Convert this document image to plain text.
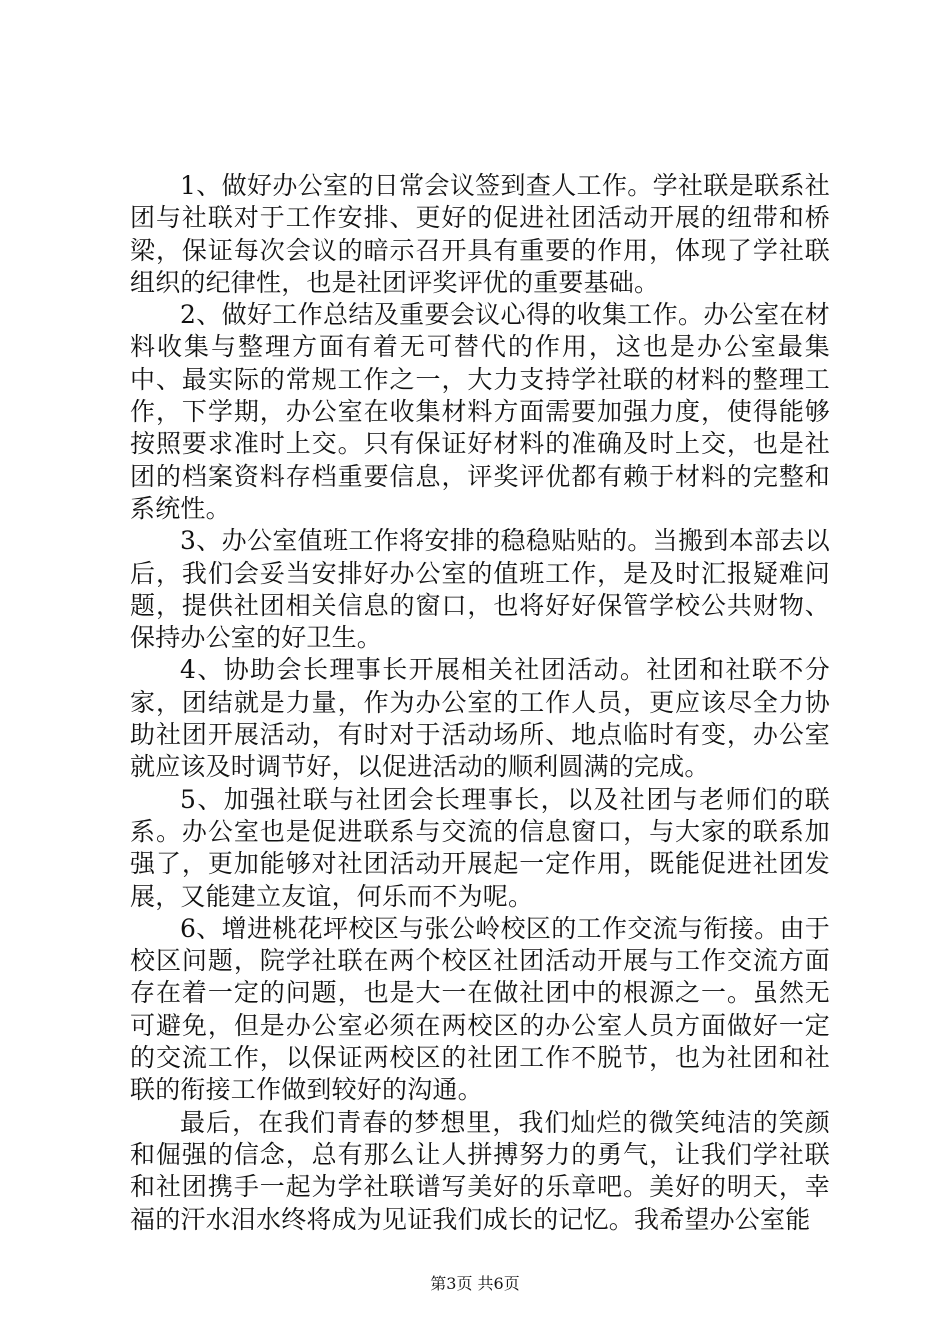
1、做好办公室的日常会议签到查人工作。学社联是联系社团与社联对于工作安排、更好的促进社团活动开展的纽带和桥梁，保证每次会议的暗示召开具有重要的作用，体现了学社联组织的纪律性，也是社团评奖评优的重要基础。

2、做好工作总结及重要会议心得的收集工作。办公室在材料收集与整理方面有着无可替代的作用，这也是办公室最集中、最实际的常规工作之一，大力支持学社联的材料的整理工作，下学期，办公室在收集材料方面需要加强力度，使得能够按照要求准时上交。只有保证好材料的准确及时上交，也是社团的档案资料存档重要信息，评奖评优都有赖于材料的完整和系统性。

3、办公室值班工作将安排的稳稳贴贴的。当搬到本部去以后，我们会妥当安排好办公室的值班工作，是及时汇报疑难问题，提供社团相关信息的窗口，也将好好保管学校公共财物、保持办公室的好卫生。

4、协助会长理事长开展相关社团活动。社团和社联不分家，团结就是力量，作为办公室的工作人员，更应该尽全力协助社团开展活动，有时对于活动场所、地点临时有变，办公室就应该及时调节好，以促进活动的顺利圆满的完成。

5、加强社联与社团会长理事长，以及社团与老师们的联系。办公室也是促进联系与交流的信息窗口，与大家的联系加强了，更加能够对社团活动开展起一定作用，既能促进社团发展，又能建立友谊，何乐而不为呢。

6、增进桃花坪校区与张公岭校区的工作交流与衔接。由于校区问题，院学社联在两个校区社团活动开展与工作交流方面存在着一定的问题，也是大一在做社团中的根源之一。虽然无可避免，但是办公室必须在两校区的办公室人员方面做好一定的交流工作，以保证两校区的社团工作不脱节，也为社团和社联的衔接工作做到较好的沟通。

最后，在我们青春的梦想里，我们灿烂的微笑纯洁的笑颜和倔强的信念，总有那么让人拼搏努力的勇气，让我们学社联和社团携手一起为学社联谱写美好的乐章吧。美好的明天，幸福的汗水泪水终将成为见证我们成长的记忆。我希望办公室能

第3页 共6页
